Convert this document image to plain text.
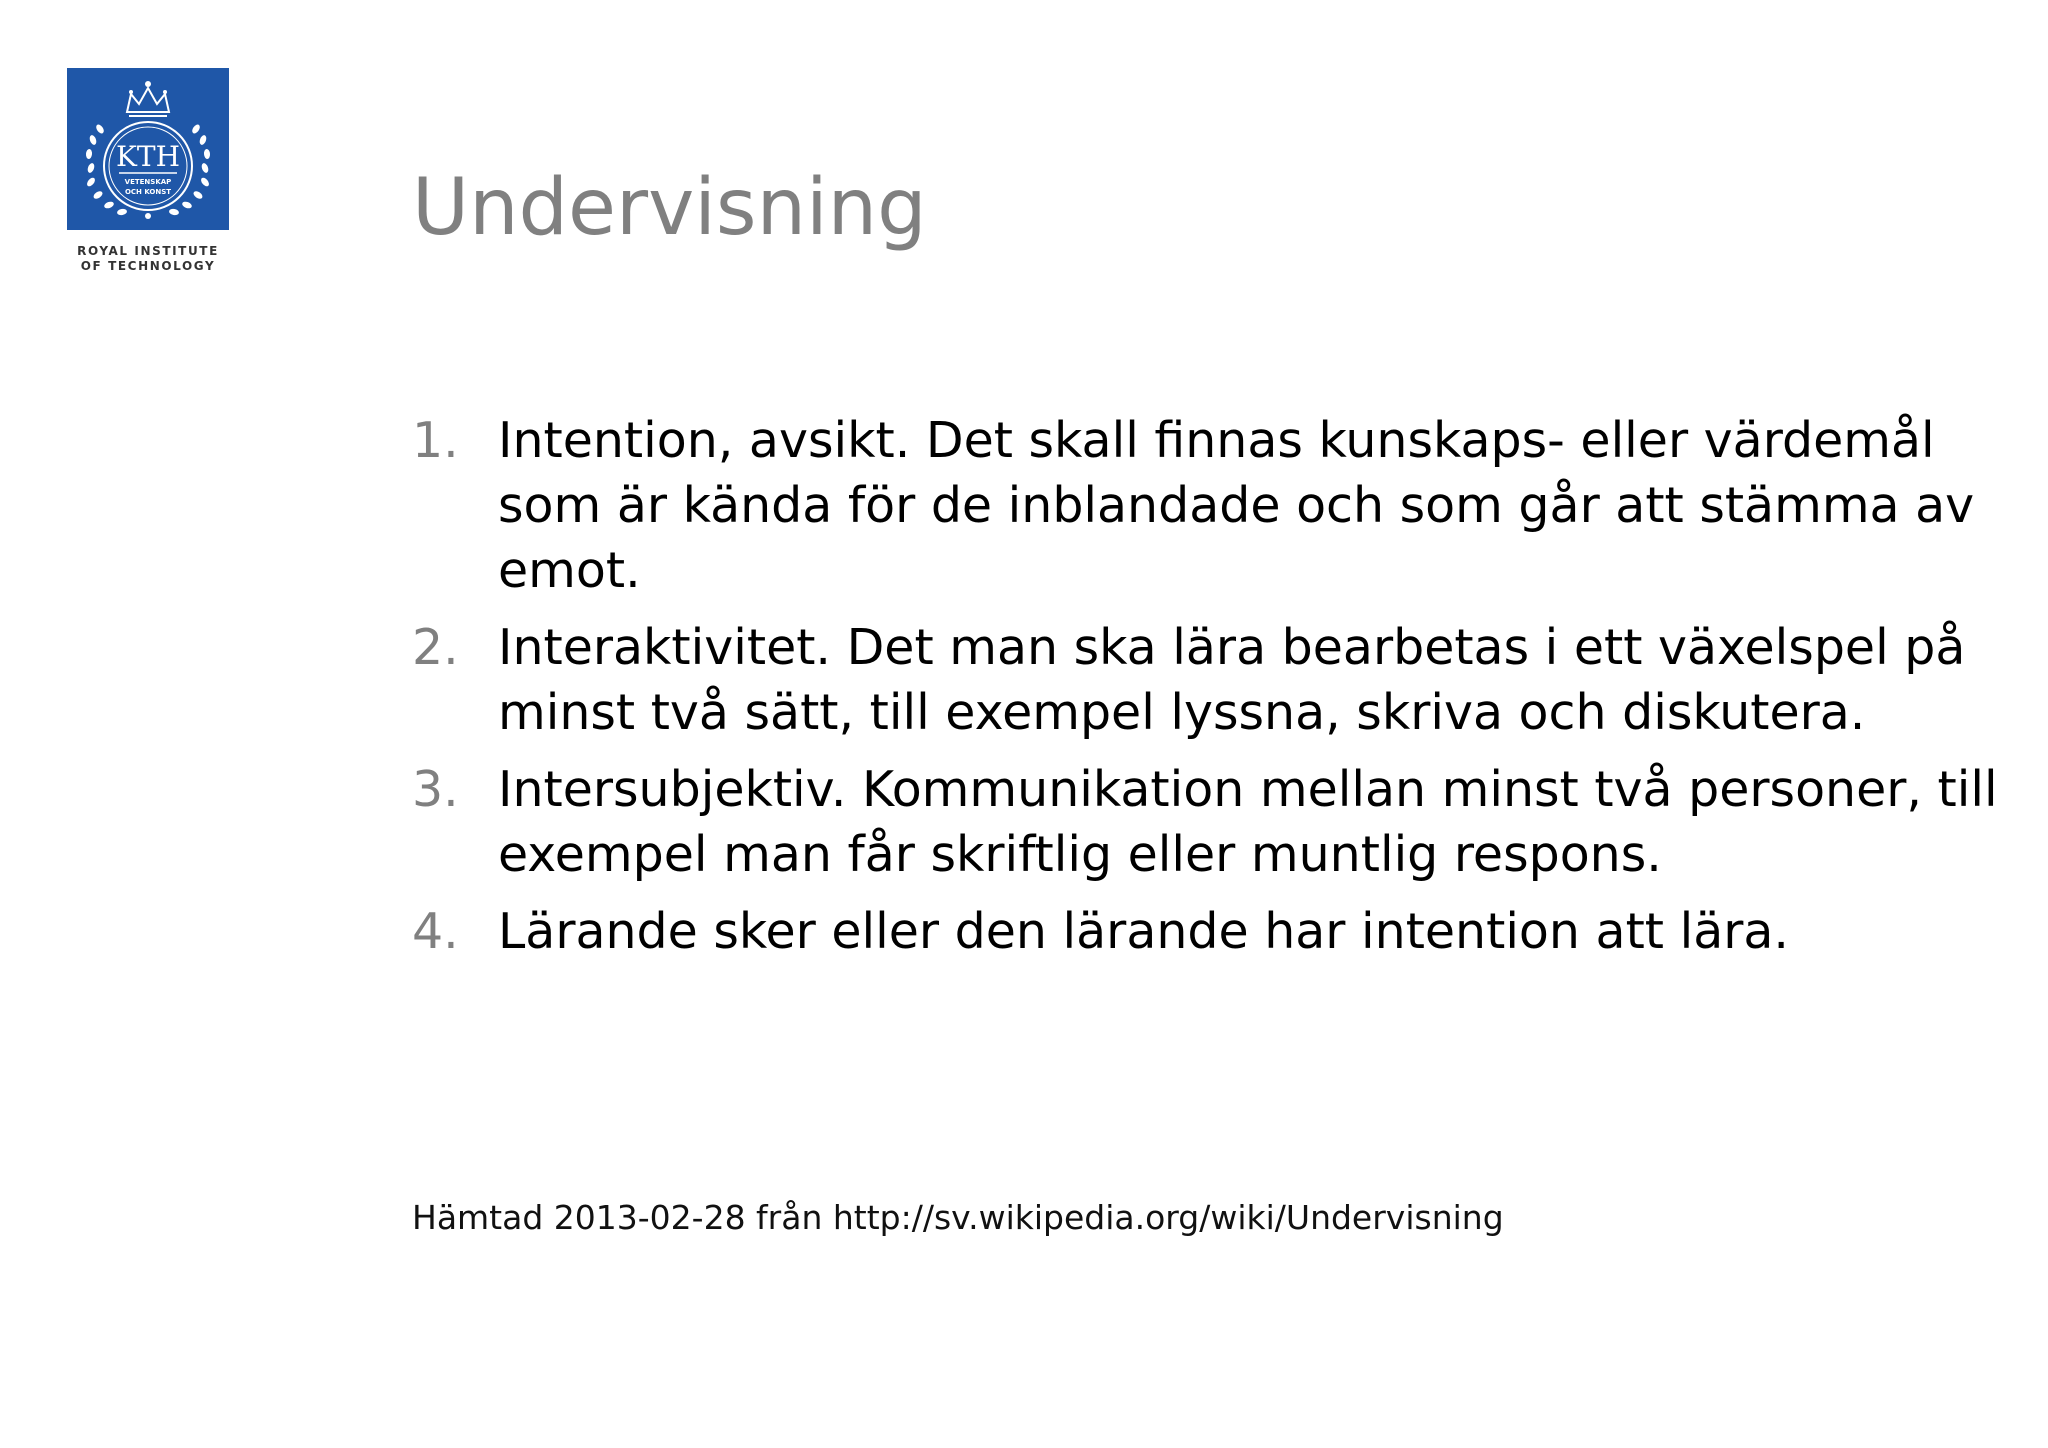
KTH
VETENSKAP
OCH KONST
ROYAL INSTITUTE
OF TECHNOLOGY
Undervisning
1. Intention, avsikt. Det skall finnas kunskaps- eller värdemål som är kända för de inblandade och som går att stämma av emot.
2. Interaktivitet. Det man ska lära bearbetas i ett växelspel på minst två sätt, till exempel lyssna, skriva och diskutera.
3. Intersubjektiv. Kommunikation mellan minst två personer, till exempel man får skriftlig eller muntlig respons.
4. Lärande sker eller den lärande har intention att lära.
Hämtad 2013-02-28 från http://sv.wikipedia.org/wiki/Undervisning
